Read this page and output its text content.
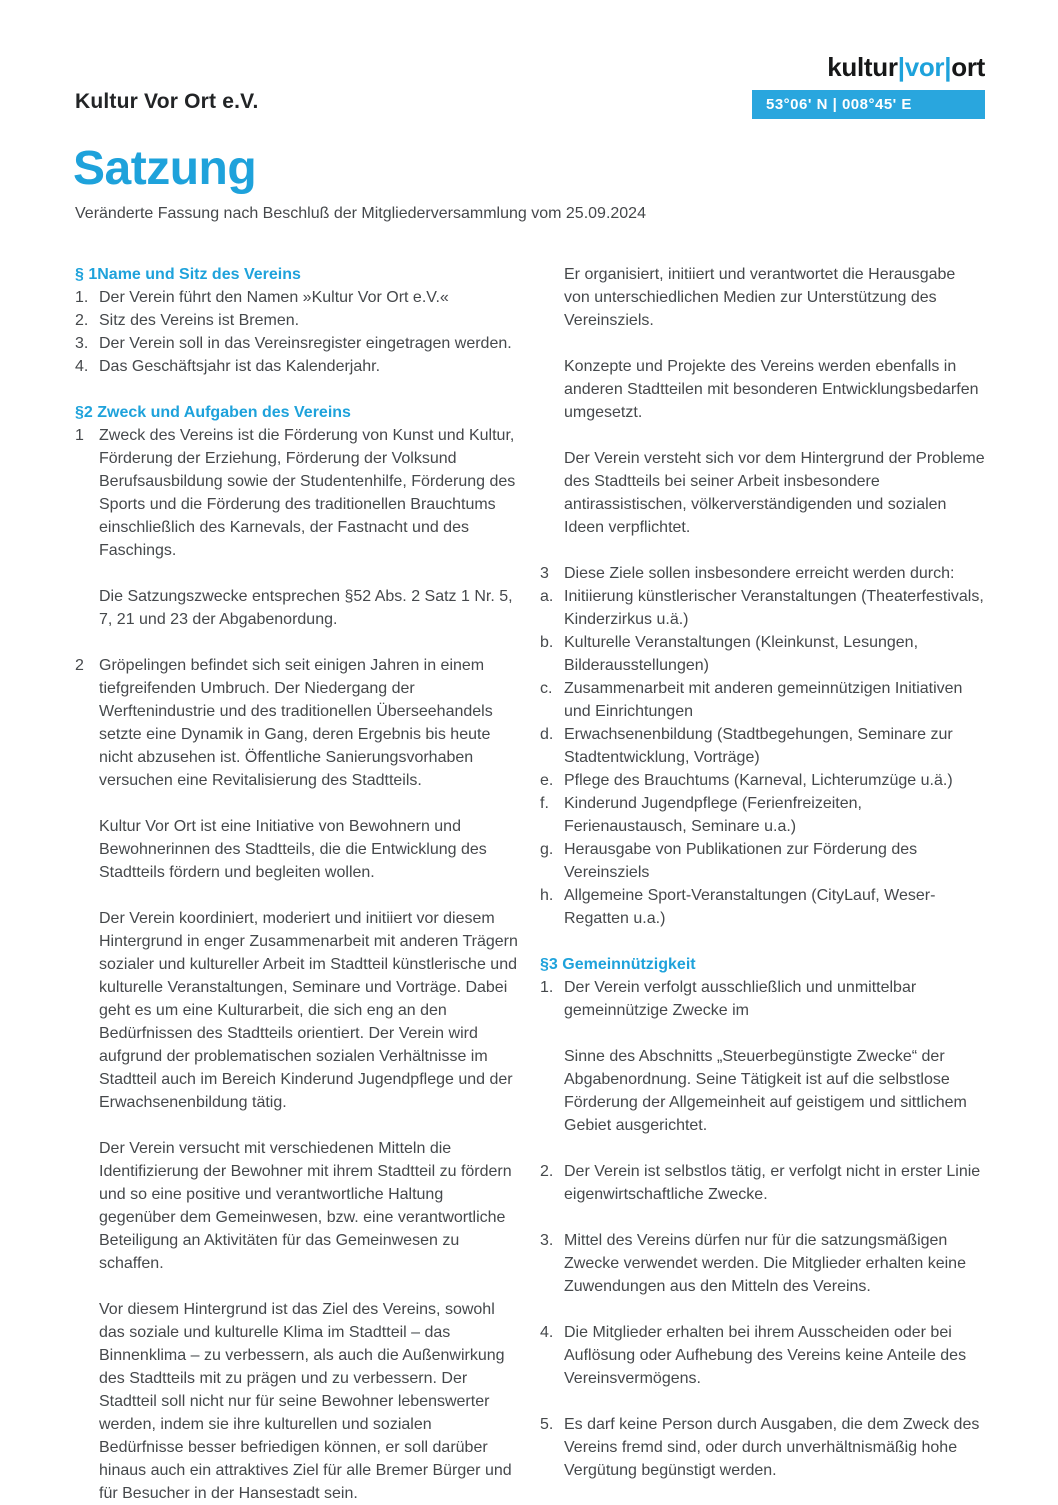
Kultur Vor Ort e.V.
kultur|vor|ort
53°06' N | 008°45' E
Satzung
Veränderte Fassung nach Beschluß der Mitgliederversammlung vom 25.09.2024
§ 1Name und Sitz des Vereins
1. Der Verein führt den Namen »Kultur Vor Ort e.V.«
2. Sitz des Vereins ist Bremen.
3. Der Verein soll in das Vereinsregister eingetragen werden.
4. Das Geschäftsjahr ist das Kalenderjahr.
§2 Zweck und Aufgaben des Vereins
1 Zweck des Vereins ist die Förderung von Kunst und Kultur, Förderung der Erziehung, Förderung der Volksund Berufsausbildung sowie der Studentenhilfe, Förderung des Sports und die Förderung des traditionellen Brauchtums einschließlich des Karnevals, der Fastnacht und des Faschings.

Die Satzungszwecke entsprechen §52 Abs. 2 Satz 1 Nr. 5, 7, 21 und 23 der Abgabenordung.

2 Gröpelingen befindet sich seit einigen Jahren in einem tiefgreifenden Umbruch. Der Niedergang der Werftenindustrie und des traditionellen Überseehandels setzte eine Dynamik in Gang, deren Ergebnis bis heute nicht abzusehen ist. Öffentliche Sanierungsvorhaben versuchen eine Revitalisierung des Stadtteils.

Kultur Vor Ort ist eine Initiative von Bewohnern und Bewohnerinnen des Stadtteils, die die Entwicklung des Stadtteils fördern und begleiten wollen.

Der Verein koordiniert, moderiert und initiiert vor diesem Hintergrund in enger Zusammenarbeit mit anderen Trägern sozialer und kultureller Arbeit im Stadtteil künstlerische und kulturelle Veranstaltungen, Seminare und Vorträge. Dabei geht es um eine Kulturarbeit, die sich eng an den Bedürfnissen des Stadtteils orientiert. Der Verein wird aufgrund der problematischen sozialen Verhältnisse im Stadtteil auch im Bereich Kinderund Jugendpflege und der Erwachsenenbildung tätig.

Der Verein versucht mit verschiedenen Mitteln die Identifizierung der Bewohner mit ihrem Stadtteil zu fördern und so eine positive und verantwortliche Haltung gegenüber dem Gemeinwesen, bzw. eine verantwortliche Beteiligung an Aktivitäten für das Gemeinwesen zu schaffen.

Vor diesem Hintergrund ist das Ziel des Vereins, sowohl das soziale und kulturelle Klima im Stadtteil – das Binnenklima – zu verbessern, als auch die Außenwirkung des Stadtteils mit zu prägen und zu verbessern. Der Stadtteil soll nicht nur für seine Bewohner lebenswerter werden, indem sie ihre kulturellen und sozialen Bedürfnisse besser befriedigen können, er soll darüber hinaus auch ein attraktives Ziel für alle Bremer Bürger und für Besucher in der Hansestadt sein.

Er organisiert, initiiert und verantwortet die Herausgabe von unterschiedlichen Medien zur Unterstützung des Vereinsziels.

Konzepte und Projekte des Vereins werden ebenfalls in anderen Stadtteilen mit besonderen Entwicklungsbedarfen umgesetzt.

Der Verein versteht sich vor dem Hintergrund der Probleme des Stadtteils bei seiner Arbeit insbesondere antirassistischen, völkerverständigenden und sozialen Ideen verpflichtet.

3 Diese Ziele sollen insbesondere erreicht werden durch:
a. Initiierung künstlerischer Veranstaltungen (Theaterfestivals, Kinderzirkus u.ä.)
b. Kulturelle Veranstaltungen (Kleinkunst, Lesungen, Bilderausstellungen)
c. Zusammenarbeit mit anderen gemeinnützigen Initiativen und Einrichtungen
d. Erwachsenenbildung (Stadtbegehungen, Seminare zur Stadtentwicklung, Vorträge)
e. Pflege des Brauchtums (Karneval, Lichterumzüge u.ä.)
f. Kinderund Jugendpflege (Ferienfreizeiten, Ferienaustausch, Seminare u.a.)
g. Herausgabe von Publikationen zur Förderung des Vereinsziels
h. Allgemeine Sport-Veranstaltungen (CityLauf, Weser-Regatten u.a.)
§3 Gemeinnützigkeit
1. Der Verein verfolgt ausschließlich und unmittelbar gemeinnützige Zwecke im

Sinne des Abschnitts „Steuerbegünstigte Zwecke“ der Abgabenordnung. Seine Tätigkeit ist auf die selbstlose Förderung der Allgemeinheit auf geistigem und sittlichem Gebiet ausgerichtet.

2. Der Verein ist selbstlos tätig, er verfolgt nicht in erster Linie eigenwirtschaftliche Zwecke.
3. Mittel des Vereins dürfen nur für die satzungsmäßigen Zwecke verwendet werden. Die Mitglieder erhalten keine Zuwendungen aus den Mitteln des Vereins.
4. Die Mitglieder erhalten bei ihrem Ausscheiden oder bei Auflösung oder Aufhebung des Vereins keine Anteile des Vereinsvermögens.
5. Es darf keine Person durch Ausgaben, die dem Zweck des Vereins fremd sind, oder durch unverhältnismäßig hohe Vergütung begünstigt werden.
